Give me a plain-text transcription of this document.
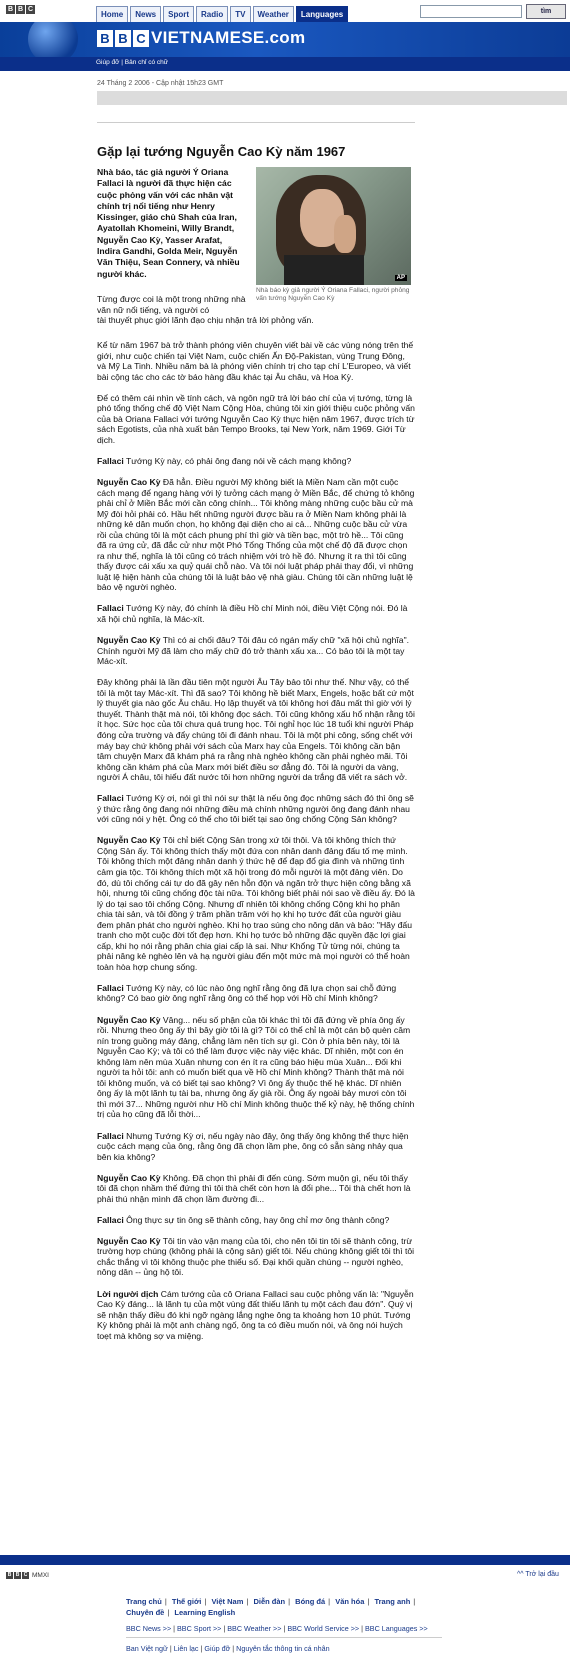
B B C
Home	News	Sport	Radio	TV	Weather	Languages	tìm
B B C VIETNAMESE.com
Giúp đỡ | Bản chỉ có chữ
24 Tháng 2 2006 - Cập nhật 15h23 GMT
Gặp lại tướng Nguyễn Cao Kỳ năm 1967
Nhà báo, tác giả người Ý Oriana Fallaci là người đã thực hiện các cuộc phỏng vấn với các nhân vật chính trị nổi tiếng như Henry Kissinger, giáo chủ Shah của Iran, Ayatollah Khomeini, Willy Brandt, Nguyễn Cao Kỳ, Yasser Arafat, Indira Gandhi, Golda Meir, Nguyễn Văn Thiệu, Sean Connery, và nhiều người khác.	AP
Nhà báo kỳ giả người Ý Oriana Fallaci, người phỏng vấn tướng Nguyễn Cao Kỳ
Từng được coi là một trong những nhà văn nữ nổi tiếng, và người có
tài thuyết phục giới lãnh đạo chịu nhận trả lời phỏng vấn.

Kể từ năm 1967 bà trở thành phóng viên chuyên viết bài về các vùng nóng trên thế giới, như cuộc chiến tại Việt Nam, cuộc chiến Ấn Độ-Pakistan, vùng Trung Đông, và Mỹ La Tinh. Nhiều năm bà là phóng viên chính trị cho tạp chí L'Europeo, và viết bài cộng tác cho các tờ báo hàng đầu khác tại Âu châu, và Hoa Kỳ.

Để có thêm cái nhìn về tính cách, và ngôn ngữ trả lời báo chí của vị tướng, từng là phó tổng thống chế độ Việt Nam Cộng Hòa, chúng tôi xin giới thiệu cuộc phỏng vấn của bà Oriana Fallaci với tướng Nguyễn Cao Kỳ thực hiện năm 1967, được trích từ sách Egotists, của nhà xuất bản Tempo Brooks, tại New York, năm 1969. Giới Từ dịch.

Fallaci Tướng Kỳ này, có phải ông đang nói về cách mạng không?

Nguyễn Cao Kỳ Đã hẳn. Điều người Mỹ không biết là Miền Nam cần một cuộc cách mạng để ngang hàng với lý tưởng cách mạng ở Miền Bắc, để chứng tỏ không phải chỉ ở Miền Bắc mới cần công chính... Tôi không màng những cuộc bầu cử mà Mỹ đòi hỏi phải có. Hầu hết những người được bầu ra ở Miền Nam không phải là những kẻ dân muốn chọn, họ không đại diện cho ai cả... Những cuộc bầu cử vừa rồi của chúng tôi là một cách phung phí thì giờ và tiền bạc, một trò hề... Tôi cũng đã ra ứng cử, đã đắc cử như một Phó Tổng Thống của một chế độ đã được chọn ra như thế, nghĩa là tôi cũng có trách nhiệm với trò hề đó. Nhưng ít ra thì tôi cũng thấy được cái xấu xa quỷ quái chỗ nào. Và tôi nói luật pháp phải thay đổi, vì những luật lệ hiện hành của chúng tôi là luật bảo vệ nhà giàu. Chúng tôi cần những luật lệ bảo vệ người nghèo.

Fallaci Tướng Kỳ này, đó chính là điều Hồ chí Minh nói, điều Việt Cộng nói. Đó là xã hội chủ nghĩa, là Mác-xít.

Nguyễn Cao Kỳ Thì có ai chối đâu? Tôi đâu có ngán mấy chữ "xã hội chủ nghĩa". Chính người Mỹ đã làm cho mấy chữ đó trở thành xấu xa... Có bảo tôi là một tay Mác-xít.

Đây không phải là lần đầu tiên một người Âu Tây bảo tôi như thế. Như vậy, có thể tôi là một tay Mác-xít. Thì đã sao? Tôi không hề biết Marx, Engels, hoặc bất cứ một lý thuyết gia nào gốc Âu châu. Họ lập thuyết và tôi không hơi đâu mất thì giờ với lý thuyết. Thành thật mà nói, tôi không đọc sách. Tôi cũng không xấu hổ nhận rằng tôi ít học. Sức học của tôi chưa quá trung học. Tôi nghỉ học lúc 18 tuổi khi người Pháp đóng cửa trường và đẩy chúng tôi đi đánh nhau. Tôi là một phi công, sống chết với máy bay chứ không phải với sách của Marx hay của Engels. Tôi không cần bận tâm chuyện Marx đã khám phá ra rằng nhà nghèo không cần phải nghèo mãi. Tôi không cần khám phá của Marx mới biết điều sơ đẳng đó. Tôi là người da vàng, người Á châu, tôi hiểu đất nước tôi hơn những người da trắng đã viết ra sách vở.

Fallaci Tướng Kỳ ơi, nói gì thì nói sự thật là nếu ông đọc những sách đó thì ông sẽ ý thức rằng ông đang nói những điều mà chính những người ông đang đánh nhau với cũng nói y hệt. Ông có thể cho tôi biết tại sao ông chống Cộng Sản không?

Nguyễn Cao Kỳ Tôi chỉ biết Cộng Sản trong xứ tôi thôi. Và tôi không thích thứ Cộng Sản ấy. Tôi không thích thấy một đứa con nhân danh đảng đấu tố mẹ mình. Tôi không thích một đảng nhân danh ý thức hệ để đạp đổ gia đình và những tình cảm gia tộc. Tôi không thích một xã hội trong đó mỗi người là một đảng viên. Do đó, dù tôi chống cái tự do đã gây nên hỗn độn và ngăn trở thực hiện công bằng xã hội, nhưng tôi cũng chống độc tài nữa. Tôi không biết phải nói sao về điều ấy. Đó là lý do tại sao tôi chống Cộng. Nhưng dĩ nhiên tôi không chống Cộng khi họ phân chia tài sản, và tôi đồng ý trăm phần trăm với họ khi họ tước đất của người giàu đem phân phát cho người nghèo. Khi họ trao súng cho nông dân và bảo: "Hãy đấu tranh cho một cuộc đời tốt đẹp hơn. Khi họ tước bỏ những đặc quyền đặc lợi giai cấp, khi họ nói rằng phân chia giai cấp là sai. Như Khổng Tử từng nói, chúng ta phải nâng kẻ nghèo lên và hạ người giàu đến một mức mà mọi người có thể hoàn toàn hòa hợp chung sống.

Fallaci Tướng Kỳ này, có lúc nào ông nghĩ rằng ông đã lựa chọn sai chỗ đứng không? Có bao giờ ông nghĩ rằng ông có thể họp với Hồ chí Minh không?

Nguyễn Cao Kỳ Vâng... nếu số phận của tôi khác thì tôi đã đứng về phía ông ấy rồi. Nhưng theo ông ấy thì bây giờ tôi là gì? Tôi có thể chỉ là một cán bộ quèn câm nín trong guồng máy đảng, chẳng làm nên tích sự gì. Còn ở phía bên này, tôi là Nguyễn Cao Kỳ; và tôi có thể làm được việc này việc khác. Dĩ nhiên, một con én không làm nên mùa Xuân nhưng con én ít ra cũng báo hiệu mùa Xuân... Đối khi người ta hỏi tôi: anh có muốn biết qua về Hồ chí Minh không? Thành thật mà nói tôi không muốn, và có biết tại sao không? Vì ông ấy thuộc thế hệ khác. Dĩ nhiên ông ấy là một lãnh tụ tài ba, nhưng ông ấy già rồi. Ông ấy ngoài bảy mươi còn tôi thì mới 37... Những người như Hồ chí Minh không thuộc thế kỷ này, hệ thống chính trị của họ cũng đã lỗi thời...

Fallaci Nhưng Tướng Kỳ ơi, nếu ngày nào đây, ông thấy ông không thể thực hiện cuộc cách mạng của ông, rằng ông đã chọn lầm phe, ông có sẵn sàng nhảy qua bên kia không?

Nguyễn Cao Kỳ Không. Đã chọn thì phải đi đến cùng. Sớm muộn gì, nếu tôi thấy tôi đã chọn nhầm thế đứng thì tôi thà chết còn hơn là đổi phe... Tôi thà chết hơn là phải thú nhận mình đã chọn lầm đường đi...

Fallaci Ông thực sự tin ông sẽ thành công, hay ông chỉ mơ ông thành công?

Nguyễn Cao Kỳ Tôi tin vào vận mạng của tôi, cho nên tôi tin tôi sẽ thành công, trừ trường hợp chúng (không phải là cộng sản) giết tôi. Nếu chúng không giết tôi thì tôi chắc thắng vì tôi không thuộc phe thiểu số. Đại khối quần chúng -- người nghèo, nông dân -- ủng hộ tôi.

Lời người dịch Cám tướng của cô Oriana Fallaci sau cuộc phỏng vấn là: "Nguyễn Cao Kỳ đáng... là lãnh tụ của một vùng đất thiếu lãnh tụ một cách đau đớn". Quý vị sẽ nhận thấy điều đó khi ngỡ ngàng lắng nghe ông ta khoảng hơn 10 phút. Tướng Kỳ không phải là một anh chàng ngố, ông ta có điều muốn nói, và ông nói huých toẹt mà không sợ va miệng.

B B C MMXI	^^ Trở lại đầu
Trang chủ | Thế giới | Việt Nam | Diễn đàn | Bóng đá | Văn hóa | Trang anh |
Chuyên đề | Learning English
BBC News >> | BBC Sport >> | BBC Weather >> | BBC World Service >> | BBC Languages >>
Ban Việt ngữ | Liên lạc | Giúp đỡ | Nguyên tắc thông tin cá nhân
